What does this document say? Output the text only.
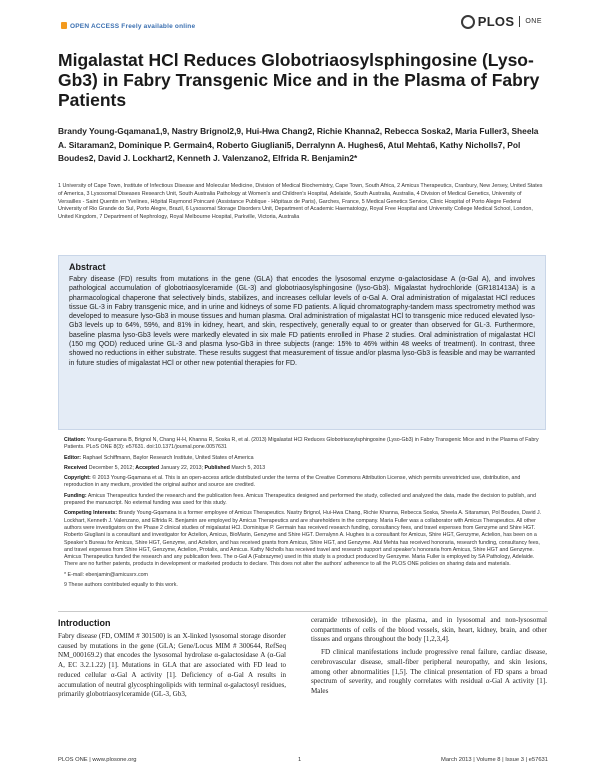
OPEN ACCESS Freely available online	PLOS ONE
Migalastat HCl Reduces Globotriaosylsphingosine (Lyso-Gb3) in Fabry Transgenic Mice and in the Plasma of Fabry Patients
Brandy Young-Gqamana1,9, Nastry Brignol2,9, Hui-Hwa Chang2, Richie Khanna2, Rebecca Soska2, Maria Fuller3, Sheela A. Sitaraman2, Dominique P. Germain4, Roberto Giugliani5, Derralynn A. Hughes6, Atul Mehta6, Kathy Nicholls7, Pol Boudes2, David J. Lockhart2, Kenneth J. Valenzano2, Elfrida R. Benjamin2*
1 University of Cape Town, Institute of Infectious Disease and Molecular Medicine, Division of Medical Biochemistry, Cape Town, South Africa, 2 Amicus Therapeutics, Cranbury, New Jersey, United States of America, 3 Lysosomal Diseases Research Unit, South Australia Pathology at Women's and Children's Hospital, Adelaide, South Australia, Australia, 4 Division of Medical Genetics, University of Versailles - Saint Quentin en Yvelines, Hôpital Raymond Poincaré (Assistance Publique - Hôpitaux de Paris), Garches, France, 5 Medical Genetics Service, Clinic Hospital of Porto Alegre Federal University of Rio Grande do Sul, Porto Alegre, Brazil, 6 Lysosomal Storage Disorders Unit, Department of Academic Haematology, Royal Free Hospital and University College Medical School, London, United Kingdom, 7 Department of Nephrology, Royal Melbourne Hospital, Parkville, Victoria, Australia
Abstract

Fabry disease (FD) results from mutations in the gene (GLA) that encodes the lysosomal enzyme α-galactosidase A (α-Gal A), and involves pathological accumulation of globotriaosylceramide (GL-3) and globotriaosylsphingosine (lyso-Gb3). Migalastat hydrochloride (GR181413A) is a pharmacological chaperone that selectively binds, stabilizes, and increases cellular levels of α-Gal A. Oral administration of migalastat HCl reduces tissue GL-3 in Fabry transgenic mice, and in urine and kidneys of some FD patients. A liquid chromatography-tandem mass spectrometry method was developed to measure lyso-Gb3 in mouse tissues and human plasma. Oral administration of migalastat HCl to transgenic mice reduced elevated lyso-Gb3 levels up to 64%, 59%, and 81% in kidney, heart, and skin, respectively, generally equal to or greater than observed for GL-3. Furthermore, baseline plasma lyso-Gb3 levels were markedly elevated in six male FD patients enrolled in Phase 2 studies. Oral administration of migalastat HCl (150 mg QOD) reduced urine GL-3 and plasma lyso-Gb3 in three subjects (range: 15% to 46% within 48 weeks of treatment). In contrast, three showed no reductions in either substrate. These results suggest that measurement of tissue and/or plasma lyso-Gb3 is feasible and may be warranted in future studies of migalastat HCl or other new potential therapies for FD.

Citation: Young-Gqamana B, Brignol N, Chang H-H, Khanna R, Soska R, et al. (2013) Migalastat HCl Reduces Globotriaosylsphingosine (Lyso-Gb3) in Fabry Transgenic Mice and in the Plasma of Fabry Patients. PLoS ONE 8(3): e57631. doi:10.1371/journal.pone.0057631
Editor: Raphael Schiffmann, Baylor Research Institute, United States of America
Received December 5, 2012; Accepted January 22, 2013; Published March 5, 2013
Copyright: © 2013 Young-Gqamana et al. This is an open-access article distributed under the terms of the Creative Commons Attribution License, which permits unrestricted use, distribution, and reproduction in any medium, provided the original author and source are credited.
Funding: Amicus Therapeutics funded the research and the publication fees. Amicus Therapeutics designed and performed the study, collected and analyzed the data, made the decision to publish, and prepared the manuscript. No external funding was used for this study.
Competing Interests: Brandy Young-Gqamana is a former employee of Amicus Therapeutics. Nastry Brignol, Hui-Hwa Chang, Richie Khanna, Rebecca Soska, Sheela A. Sitaraman, Pol Boudes, David J. Lockhart, Kenneth J. Valenzano, and Elfrida R. Benjamin are employed by Amicus Therapeutics and are shareholders in the company. Maria Fuller was a collaborator with Amicus Therapeutics. All other authors were investigators on the Phase 2 clinical studies of migalastat HCl. Dominique P. Germain has received research funding, consultancy fees, and travel expenses from Genzyme and Shire HGT. Roberto Giugliani is a consultant and investigator for Actelion, Amicus, BioMarin, Genzyme and Shire HGT. Derralynn A. Hughes is a consultant for Amicus, Shire HGT, Genzyme, Actelion, has been on a Speaker's Bureau for Amicus, Shire HGT, Genzyme, and Actelion, and has received grants from Amicus, Shire HGT, and Genzyme. Atul Mehta has received honoraria, research funding, consultancy fees, and travel expenses from Shire HGT, Genzyme, Actelion, Protalix, and Amicus. Kathy Nicholls has received travel and research support and speaker's honoraria from Amicus, Shire HGT and Genzyme. Amicus Therapeutics funded the research and any publication fees. The α-Gal A (Fabrazyme) used in this study is a product produced by Genzyme. Maria Fuller is employed by SA Pathology, Adelaide. There are no further patents, products in development or marketed products to declare. This does not alter the authors' adherence to all the PLOS ONE policies on sharing data and materials.
* E-mail: ebenjamin@amicusrx.com
9 These authors contributed equally to this work.
Introduction

Fabry disease (FD, OMIM # 301500) is an X-linked lysosomal storage disorder caused by mutations in the gene (GLA; Gene/Locus MIM # 300644, RefSeq NM_000169.2) that encodes the lysosomal hydrolase α-galactosidase A (α-Gal A, EC 3.2.1.22) [1]. Mutations in GLA that are associated with FD lead to reduced cellular α-Gal A activity [1]. Deficiency of α-Gal A results in accumulation of neutral glycosphingolipids with terminal α-galactosyl residues, primarily globotriaosylceramide (GL-3, Gb3,

ceramide trihexoside), in the plasma, and in lysosomal and non-lysosomal compartments of cells of the blood vessels, skin, heart, kidney, brain, and other tissues and organs throughout the body [1,2,3,4].

FD clinical manifestations include progressive renal failure, cardiac disease, cerebrovascular disease, small-fiber peripheral neuropathy, and skin lesions, among other abnormalities [1,5]. The clinical presentation of FD spans a broad spectrum of severity, and roughly correlates with residual α-Gal A activity [1]. Males

PLOS ONE | www.plosone.org	1	March 2013 | Volume 8 | Issue 3 | e57631
